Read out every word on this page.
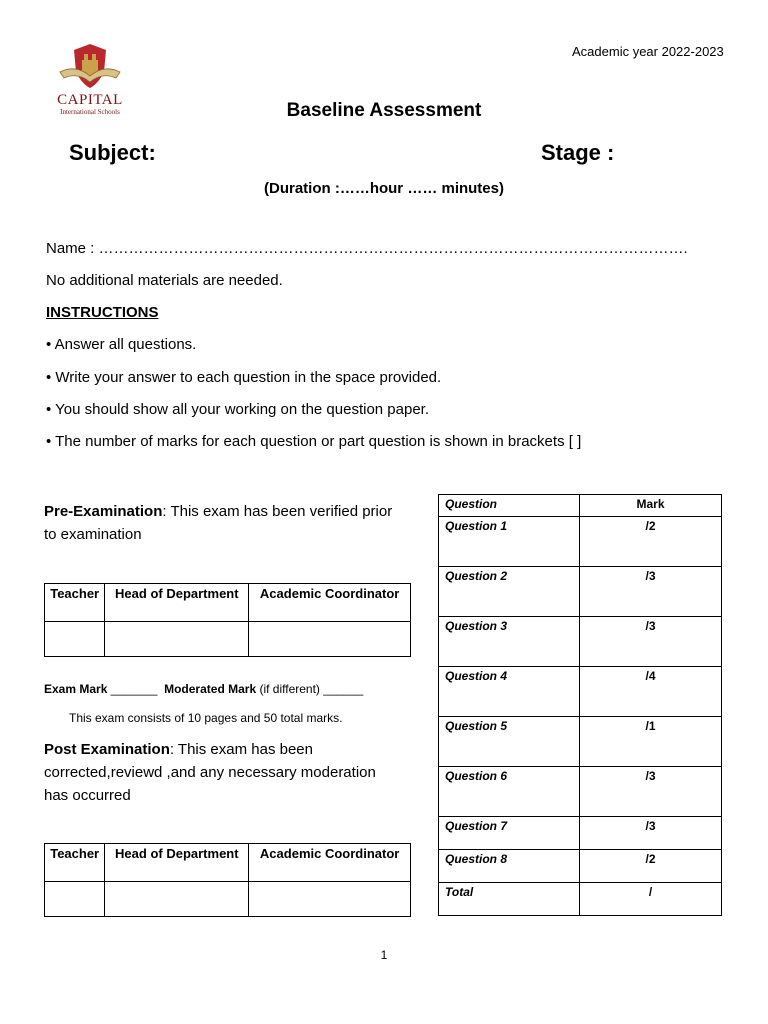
CAPITAL
International Schools
Academic year 2022-2023
Baseline Assessment
Subject:	Stage :
(Duration :……hour …… minutes)
Name : ……………………………………………………………………………………………………….
No additional materials are needed.
INSTRUCTIONS
• Answer all questions.
• Write your answer to each question in the space provided.
• You should show all your working on the question paper.
• The number of marks for each question or part question is shown in brackets [ ]
Pre-Examination: This exam has been verified prior to examination
Teacher	Head of Department	Academic Coordinator

Exam Mark _______  Moderated Mark (if different) ______
This exam consists of 10 pages and 50 total marks.
Post Examination: This exam has been corrected,reviewd ,and any necessary moderation has occurred
Teacher	Head of Department	Academic Coordinator

Question	Mark
Question 1	/2
Question 2	/3
Question 3	/3
Question 4	/4
Question 5	/1
Question 6	/3
Question 7	/3
Question 8	/2
Total	/
1
